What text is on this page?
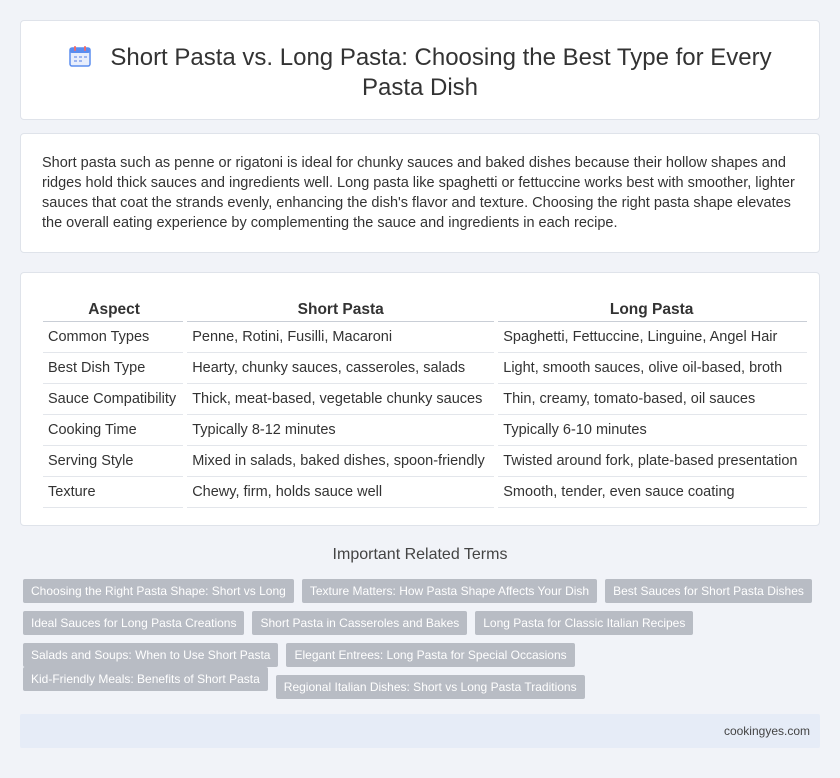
Short Pasta vs. Long Pasta: Choosing the Best Type for Every Pasta Dish

Short pasta such as penne or rigatoni is ideal for chunky sauces and baked dishes because their hollow shapes and ridges hold thick sauces and ingredients well. Long pasta like spaghetti or fettuccine works best with smoother, lighter sauces that coat the strands evenly, enhancing the dish's flavor and texture. Choosing the right pasta shape elevates the overall eating experience by complementing the sauce and ingredients in each recipe.

Aspect	Short Pasta	Long Pasta
Common Types	Penne, Rotini, Fusilli, Macaroni	Spaghetti, Fettuccine, Linguine, Angel Hair
Best Dish Type	Hearty, chunky sauces, casseroles, salads	Light, smooth sauces, olive oil-based, broth
Sauce Compatibility	Thick, meat-based, vegetable chunky sauces	Thin, creamy, tomato-based, oil sauces
Cooking Time	Typically 8-12 minutes	Typically 6-10 minutes
Serving Style	Mixed in salads, baked dishes, spoon-friendly	Twisted around fork, plate-based presentation
Texture	Chewy, firm, holds sauce well	Smooth, tender, even sauce coating
Important Related Terms
Choosing the Right Pasta Shape: Short vs Long	Texture Matters: How Pasta Shape Affects Your Dish	Best Sauces for Short Pasta Dishes
Ideal Sauces for Long Pasta Creations	Short Pasta in Casseroles and Bakes	Long Pasta for Classic Italian Recipes
Salads and Soups: When to Use Short Pasta	Elegant Entrees: Long Pasta for Special Occasions
Kid-Friendly Meals: Benefits of Short Pasta
Regional Italian Dishes: Short vs Long Pasta Traditions
cookingyes.com
